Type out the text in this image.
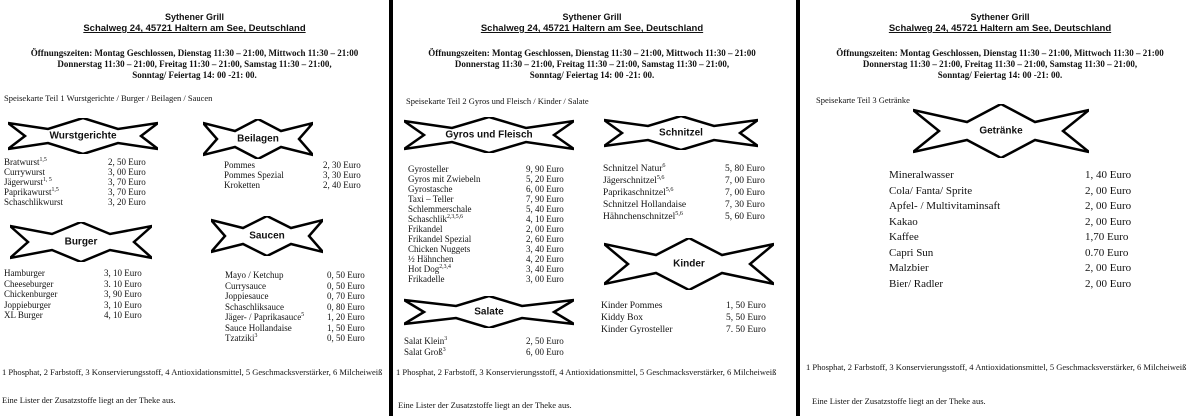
Sythener Grill
Schalweg 24, 45721 Haltern am See, Deutschland
Öffnungszeiten: Montag Geschlossen, Dienstag 11:30 – 21:00, Mittwoch 11:30 – 21:00
Donnerstag 11:30 – 21:00, Freitag 11:30 – 21:00, Samstag 11:30 – 21:00,
Sonntag/ Feiertag 14: 00 -21: 00.
Speisekarte Teil 1 Wurstgerichte / Burger / Beilagen / Saucen
Wurstgerichte
Bratwurst$^{1,5}$	2, 50 Euro
Currywurst	3, 00 Euro
Jägerwurst$^{1, 5}$	3, 70 Euro
Paprikawurst$^{1,5}$	3, 70 Euro
Schaschlikwurst	3, 20 Euro
Beilagen
Pommes	2, 30 Euro
Pommes Spezial	3, 30 Euro
Kroketten	2, 40 Euro
Burger
Hamburger	3, 10 Euro
Cheeseburger	3. 10 Euro
Chickenburger	3, 90 Euro
Joppieburger	3, 10 Euro
XL Burger	4, 10 Euro
Saucen
Mayo / Ketchup	0, 50 Euro
Currysauce	0, 50 Euro
Joppiesauce	0, 70 Euro
Schaschliksauce	0, 80 Euro
Jäger- / Paprikasauce$^5$	1, 20 Euro
Sauce Hollandaise	1, 50 Euro
Tzatziki$^3$	0, 50 Euro
1 Phosphat, 2 Farbstoff, 3 Konservierungsstoff, 4 Antioxidationsmittel, 5 Geschmacksverstärker, 6 Milcheiweiß
Eine Lister der Zusatzstoffe liegt an der Theke aus.
Sythener Grill
Schalweg 24, 45721 Haltern am See, Deutschland
Öffnungszeiten: Montag Geschlossen, Dienstag 11:30 – 21:00, Mittwoch 11:30 – 21:00
Donnerstag 11:30 – 21:00, Freitag 11:30 – 21:00, Samstag 11:30 – 21:00,
Sonntag/ Feiertag 14: 00 -21: 00.
Speisekarte Teil 2 Gyros und Fleisch / Kinder / Salate
Gyros und Fleisch
Gyrosteller	9, 90 Euro
Gyros mit Zwiebeln	5, 20 Euro
Gyrostasche	6, 00 Euro
Taxi – Teller	7, 90 Euro
Schlemmerschale	5, 40 Euro
Schaschlik$^{2,3,5,6}$	4, 10 Euro
Frikandel	2, 00 Euro
Frikandel Spezial	2, 60 Euro
Chicken Nuggets	3, 40 Euro
½ Hähnchen	4, 20 Euro
Hot Dog$^{2,3,4}$	3, 40 Euro
Frikadelle	3, 00 Euro
Schnitzel
Schnitzel Natur$^6$	5, 80 Euro
Jägerschnitzel$^{5,6}$	7, 00 Euro
Paprikaschnitzel$^{5,6}$	7, 00 Euro
Schnitzel Hollandaise	7, 30 Euro
Hähnchenschnitzel$^{5,6}$	5, 60 Euro
Kinder
Kinder Pommes	1, 50 Euro
Kiddy Box	5, 50 Euro
Kinder Gyrosteller	7. 50 Euro
Salate
Salat Klein$^3$	2, 50 Euro
Salat Groß$^3$	6, 00 Euro
1 Phosphat, 2 Farbstoff, 3 Konservierungsstoff, 4 Antioxidationsmittel, 5 Geschmacksverstärker, 6 Milcheiweiß
Eine Lister der Zusatzstoffe liegt an der Theke aus.
Sythener Grill
Schalweg 24, 45721 Haltern am See, Deutschland
Öffnungszeiten: Montag Geschlossen, Dienstag 11:30 – 21:00, Mittwoch 11:30 – 21:00
Donnerstag 11:30 – 21:00, Freitag 11:30 – 21:00, Samstag 11:30 – 21:00,
Sonntag/ Feiertag 14: 00 -21: 00.
Speisekarte Teil 3 Getränke
Getränke
Mineralwasser	1, 40 Euro
Cola/ Fanta/ Sprite	2, 00 Euro
Apfel- / Multivitaminsaft	2, 00 Euro
Kakao	2, 00 Euro
Kaffee	1,70 Euro
Capri Sun	0.70 Euro
Malzbier	2, 00 Euro
Bier/ Radler	2, 00 Euro
1 Phosphat, 2 Farbstoff, 3 Konservierungsstoff, 4 Antioxidationsmittel, 5 Geschmacksverstärker, 6 Milcheiweiß
Eine Lister der Zusatzstoffe liegt an der Theke aus.
